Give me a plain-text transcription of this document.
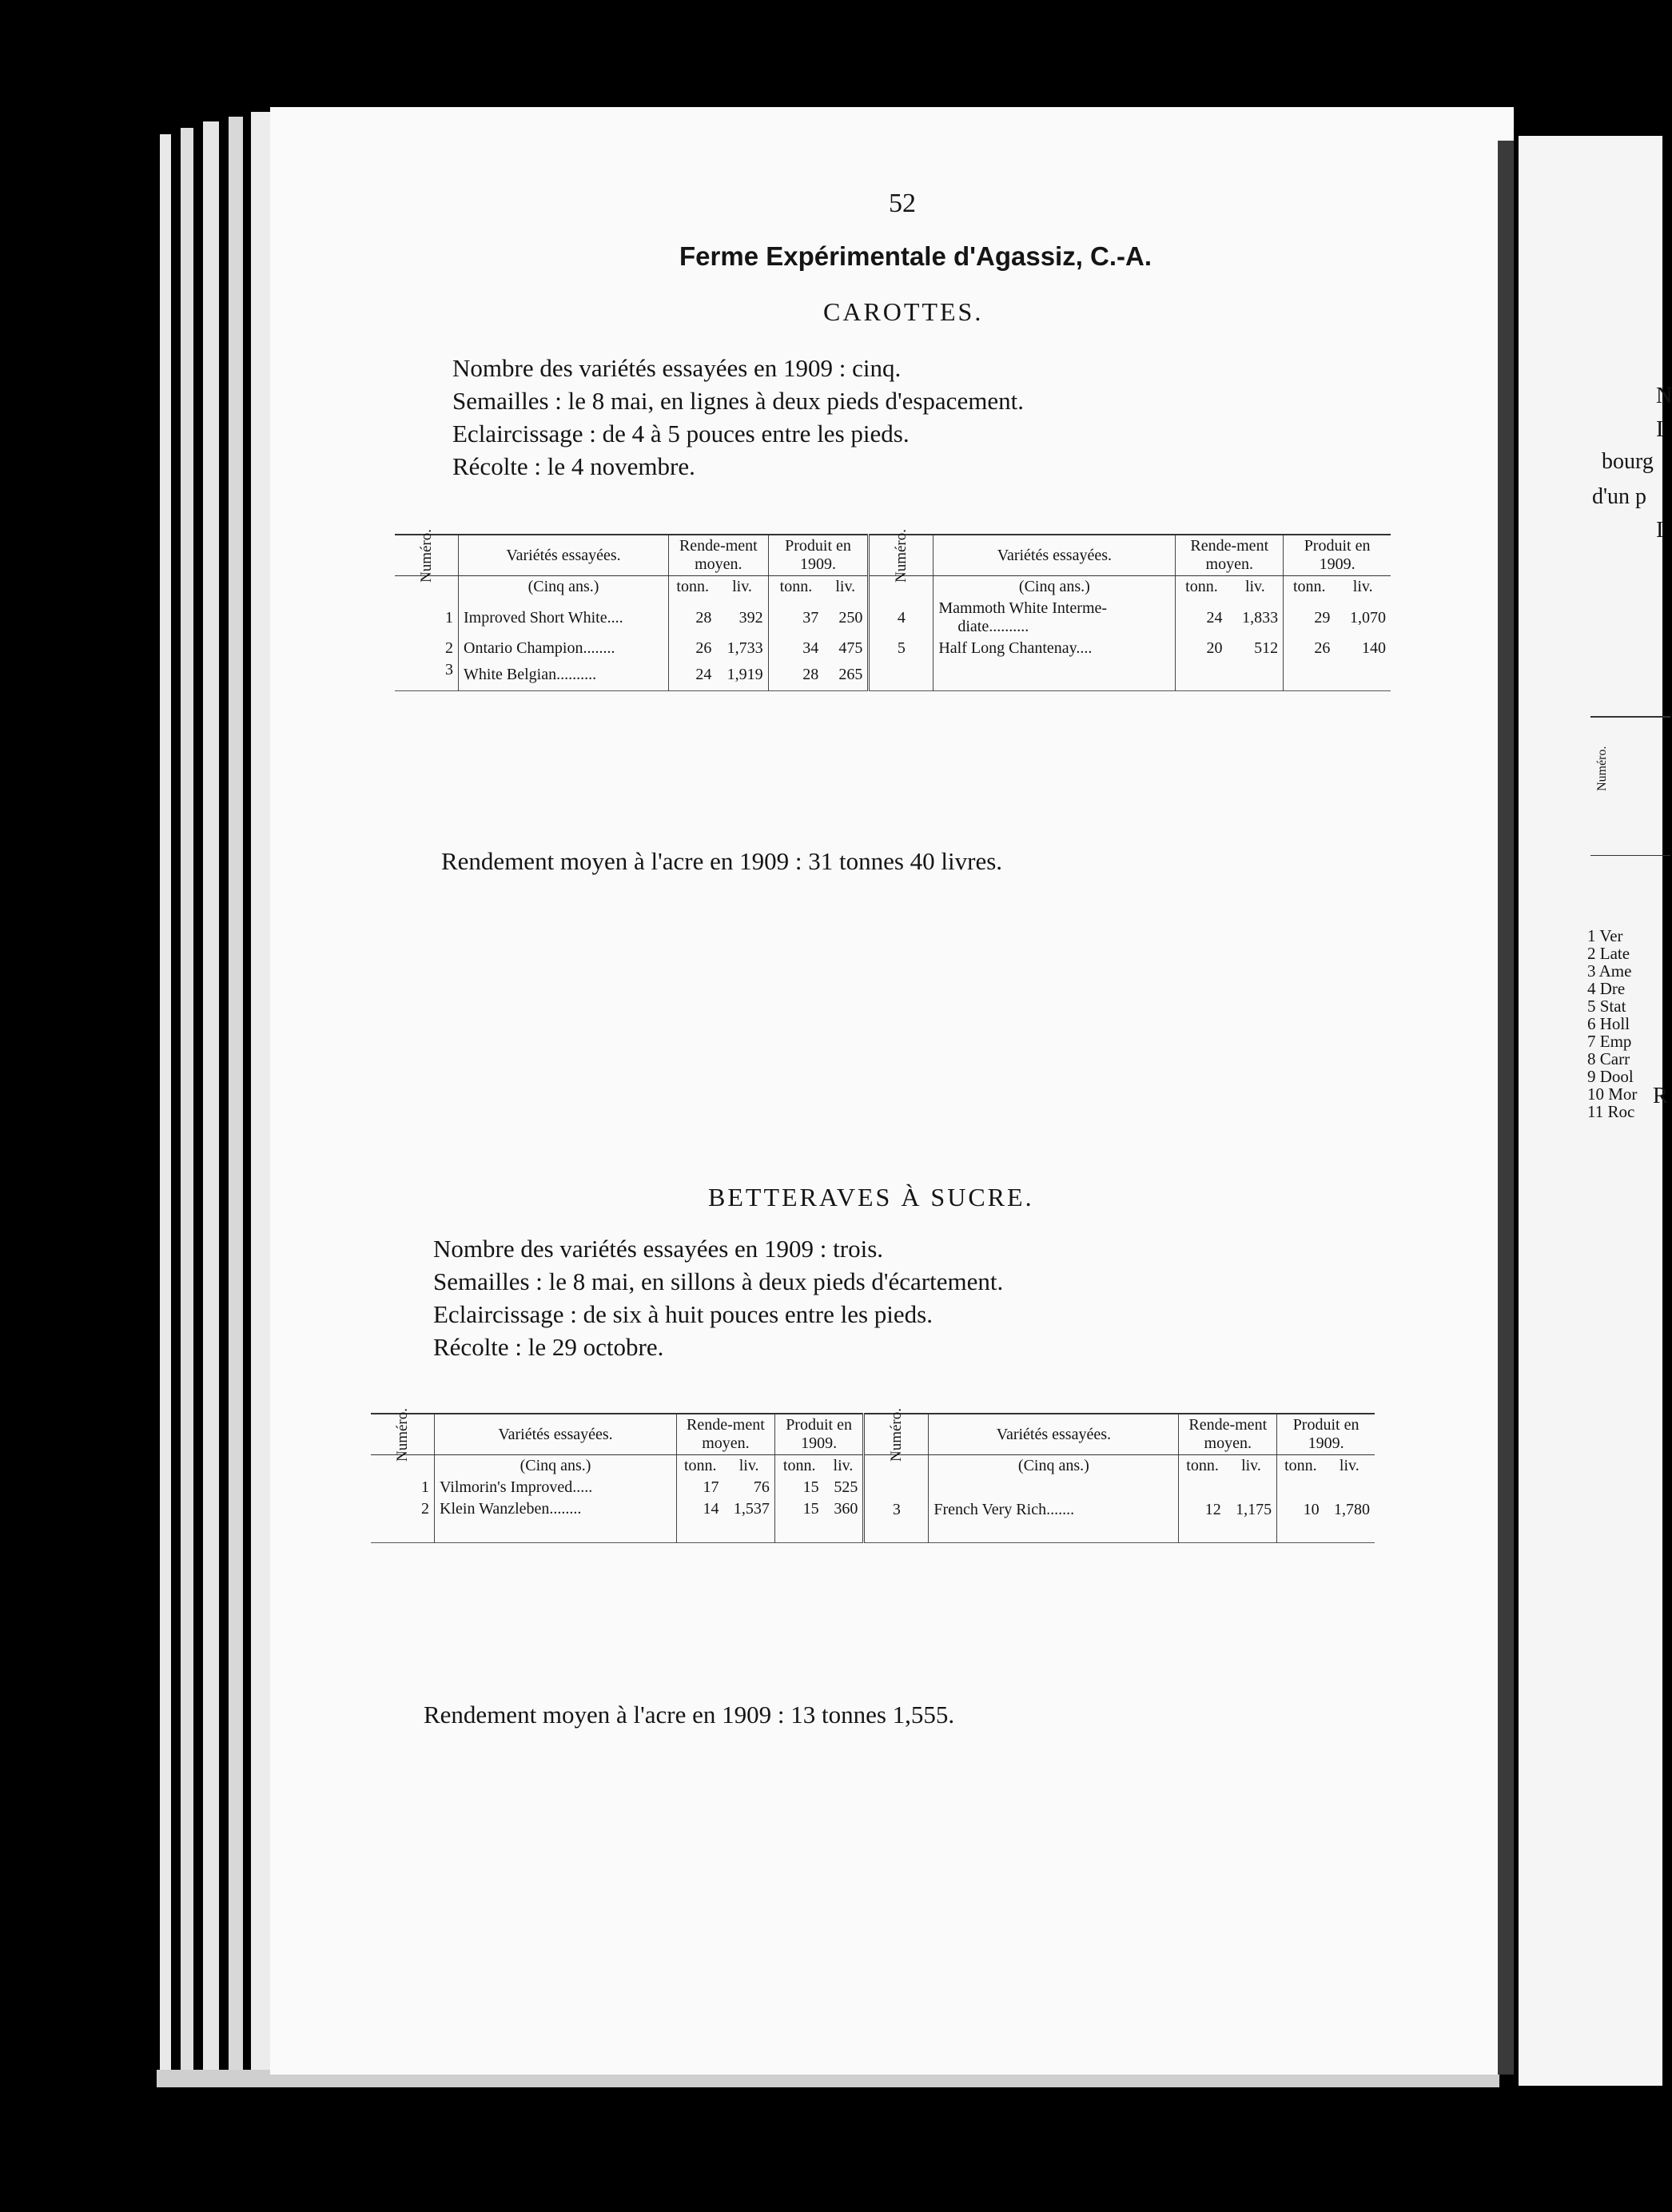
N
I
bourg
d'un p
I
Numéro.
1 Ver
2 Late
3 Ame
4 Dre
5 Stat
6 Holl
7 Emp
8 Carr
9 Dool
10 Mor
11 Roc
R
52
Ferme Expérimentale d'Agassiz, C.-A.
CAROTTES.
Nombre des variétés essayées en 1909 : cinq.
Semailles : le 8 mai, en lignes à deux pieds d'espacement.
Eclaircissage : de 4 à 5 pouces entre les pieds.
Récolte : le 4 novembre.
Numéro.	Variétés essayées.	Rende-ment moyen.		Produit en 1909.		Numéro.	Variétés essayées.	Rende-ment moyen.		Produit en 1909.	
	(Cinq ans.)	tonn.	liv.	tonn.	liv.		(Cinq ans.)	tonn.	liv.	tonn.	liv.
1	Improved Short White....	28	392	37	250	4	Mammoth White Interme-
diate..........	24	1,833	29	1,070
2	Ontario Champion........	26	1,733	34	475	5	Half Long Chantenay....	20	512	26	140
3	White Belgian..........	24	1,919	28	265						
Rendement moyen à l'acre en 1909 : 31 tonnes 40 livres.
BETTERAVES À SUCRE.
Nombre des variétés essayées en 1909 : trois.
Semailles : le 8 mai, en sillons à deux pieds d'écartement.
Eclaircissage : de six à huit pouces entre les pieds.
Récolte : le 29 octobre.
Numéro.	Variétés essayées.	Rende-ment moyen.		Produit en 1909.		Numéro.	Variétés essayées.	Rende-ment moyen.		Produit en 1909.	
	(Cinq ans.)	tonn.	liv.	tonn.	liv.		(Cinq ans.)	tonn.	liv.	tonn.	liv.
1	Vilmorin's Improved.....	17	76	15	525	3	French Very Rich.......	12	1,175	10	1,780
2	Klein Wanzleben........	14	1,537	15	360						
Rendement moyen à l'acre en 1909 : 13 tonnes 1,555.
